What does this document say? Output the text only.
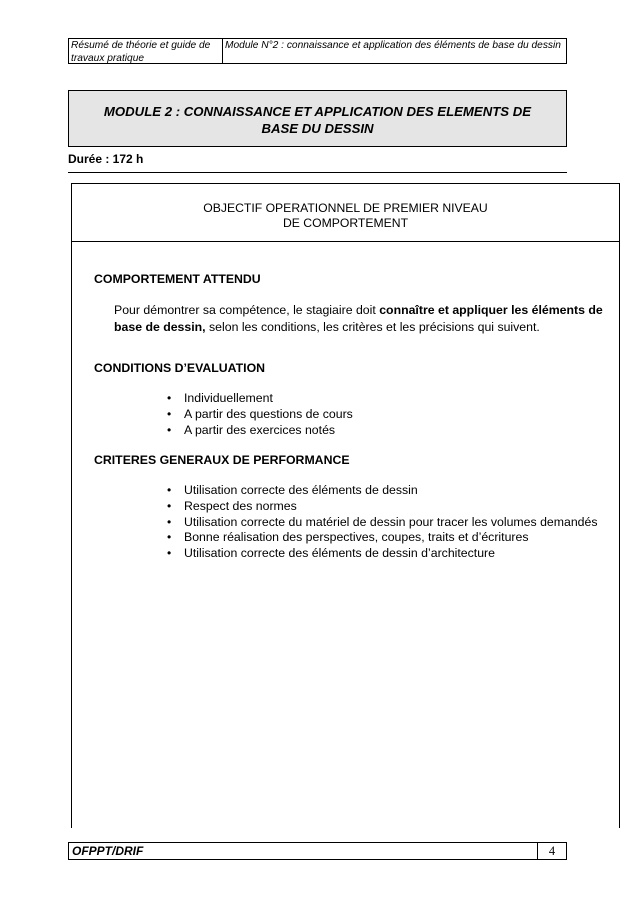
Résumé de théorie et guide de travaux pratique
Module N°2 : connaissance et application des éléments de base du dessin
MODULE 2 : CONNAISSANCE ET APPLICATION DES ELEMENTS DE BASE DU DESSIN
Durée : 172 h
OBJECTIF OPERATIONNEL DE PREMIER NIVEAU
DE COMPORTEMENT
COMPORTEMENT ATTENDU
Pour démontrer sa compétence, le stagiaire doit connaître et appliquer les éléments de base de dessin, selon les conditions, les critères et les précisions qui suivent.
CONDITIONS D’EVALUATION
• Individuellement
• A partir des questions de cours
• A partir des exercices notés
CRITERES GENERAUX DE PERFORMANCE
• Utilisation correcte des éléments de dessin
• Respect des normes
• Utilisation correcte du matériel de dessin pour tracer les volumes demandés
• Bonne réalisation des perspectives, coupes, traits et d’écritures
• Utilisation correcte des éléments de dessin d’architecture
OFPPT/DRIF	4
